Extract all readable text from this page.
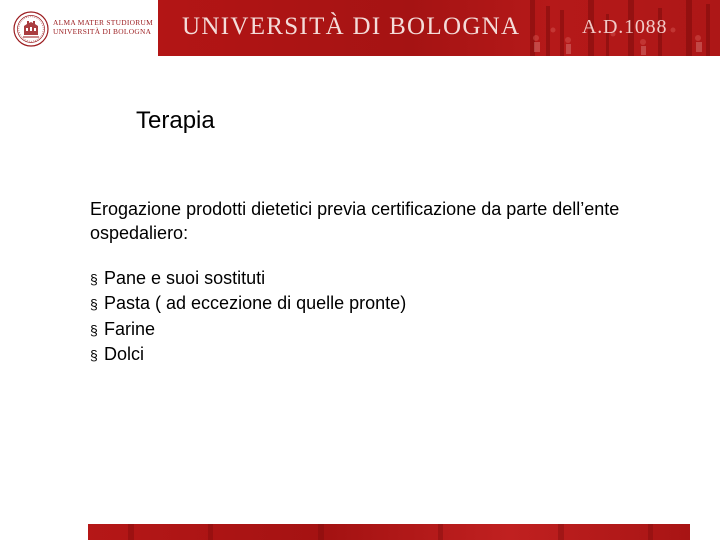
ALMA MATER STUDIORUM
UNIVERSITÀ DI BOLOGNA UNIVERSITÀ DI BOLOGNA	A.D.1088
Terapia

Erogazione prodotti dietetici previa certificazione da parte dell’ente ospedaliero:

§ Pane e suoi sostituti
§ Pasta ( ad eccezione di quelle pronte)
§ Farine
§ Dolci
